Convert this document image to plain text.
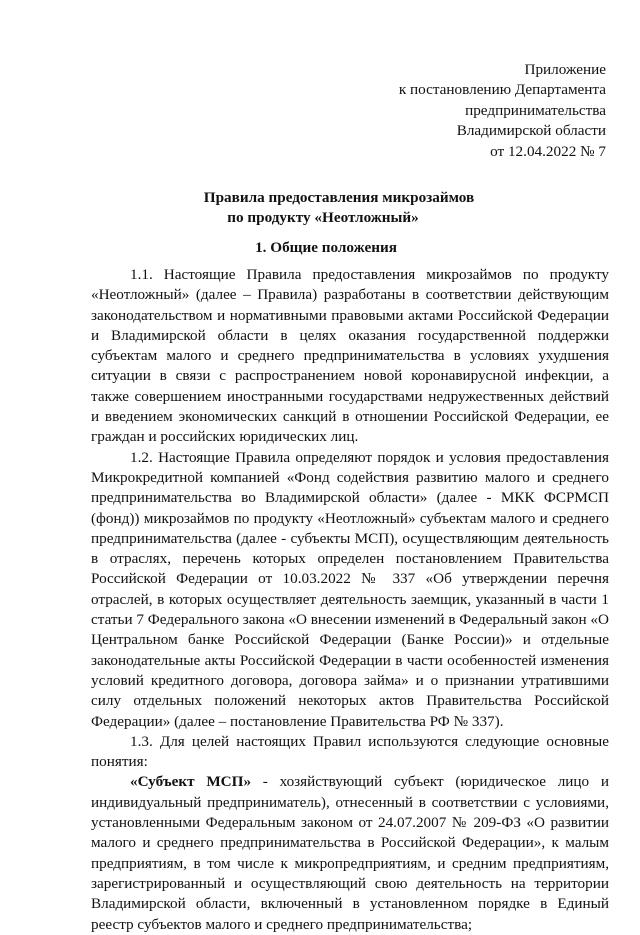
Приложение
к постановлению Департамента
предпринимательства
Владимирской области
от 12.04.2022 № 7
Правила предоставления микрозаймов
по продукту «Неотложный»
1. Общие положения

1.1. Настоящие Правила предоставления микрозаймов по продукту «Неотложный» (далее – Правила) разработаны в соответствии действующим законодательством и нормативными правовыми актами Российской Федерации и Владимирской области в целях оказания государственной поддержки субъектам малого и среднего предпринимательства в условиях ухудшения ситуации в связи с распространением новой коронавирусной инфекции, а также совершением иностранными государствами недружественных действий и введением экономических санкций в отношении Российской Федерации, ее граждан и российских юридических лиц.

1.2. Настоящие Правила определяют порядок и условия предоставления Микрокредитной компанией «Фонд содействия развитию малого и среднего предпринимательства во Владимирской области» (далее - МКК ФСРМСП (фонд)) микрозаймов по продукту «Неотложный» субъектам малого и среднего предпринимательства (далее - субъекты МСП), осуществляющим деятельность в отраслях, перечень которых определен постановлением Правительства Российской Федерации от 10.03.2022 № 337 «Об утверждении перечня отраслей, в которых осуществляет деятельность заемщик, указанный в части 1 статьи 7 Федерального закона «О внесении изменений в Федеральный закон «О Центральном банке Российской Федерации (Банке России)» и отдельные законодательные акты Российской Федерации в части особенностей изменения условий кредитного договора, договора займа» и о признании утратившими силу отдельных положений некоторых актов Правительства Российской Федерации» (далее – постановление Правительства РФ № 337).

1.3. Для целей настоящих Правил используются следующие основные понятия:

«Субъект МСП» - хозяйствующий субъект (юридическое лицо и индивидуальный предприниматель), отнесенный в соответствии с условиями, установленными Федеральным законом от 24.07.2007 № 209-ФЗ «О развитии малого и среднего предпринимательства в Российской Федерации», к малым предприятиям, в том числе к микропредприятиям, и средним предприятиям, зарегистрированный и осуществляющий свою деятельность на территории Владимирской области, включенный в установленном порядке в Единый реестр субъектов малого и среднего предпринимательства;
